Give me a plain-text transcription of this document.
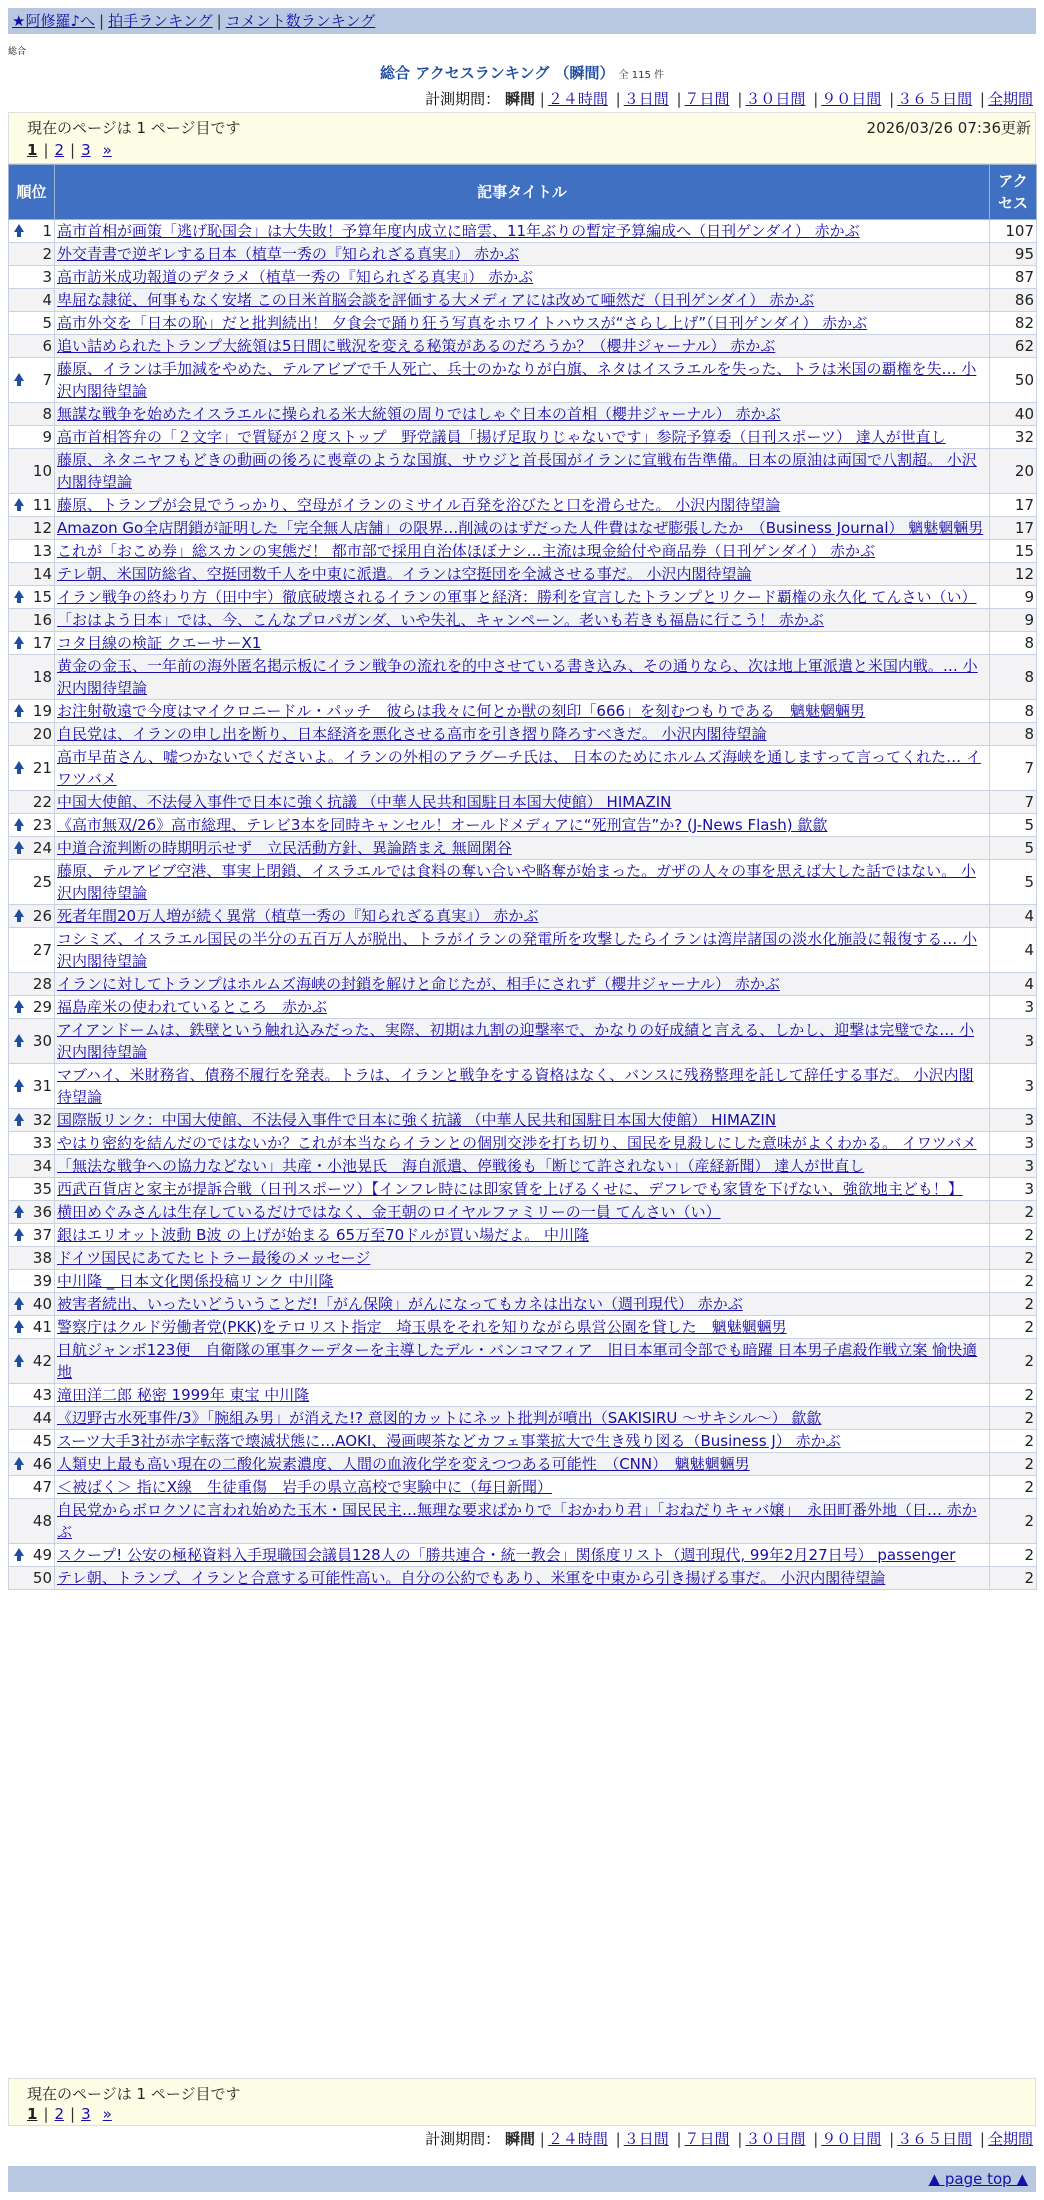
★阿修羅♪へ | 拍手ランキング | コメント数ランキング
総合
総合 アクセスランキング （瞬間） 全 115 件
計測期間： 瞬間 | ２４時間 | ３日間 | ７日間 | ３０日間 | ９０日間 | ３６５日間 | 全期間
現在のページは 1 ページ目です	2026/03/26 07:36更新
1 | 2 | 3 »
順位	記事タイトル	アクセス

1	高市首相が画策「逃げ恥国会」は大失敗！予算年度内成立に暗雲、11年ぶりの暫定予算編成へ（日刊ゲンダイ） 赤かぶ	107
2	外交青書で逆ギレする日本（植草一秀の『知られざる真実』） 赤かぶ	95
3	高市訪米成功報道のデタラメ（植草一秀の『知られざる真実』） 赤かぶ	87
4	卑屈な隷従、何事もなく安堵 この日米首脳会談を評価する大メディアには改めて唖然だ（日刊ゲンダイ） 赤かぶ	86
5	高市外交を「日本の恥」だと批判続出！ 夕食会で踊り狂う写真をホワイトハウスが“さらし上げ”（日刊ゲンダイ） 赤かぶ	82
6	追い詰められたトランプ大統領は5日間に戦況を変える秘策があるのだろうか？（櫻井ジャーナル） 赤かぶ	62

7	藤原、イランは手加減をやめた、テルアビブで千人死亡、兵士のかなりが白旗、ネタはイスラエルを失った、トラは米国の覇権を失… 小沢内閣待望論	50
8	無謀な戦争を始めたイスラエルに操られる米大統領の周りではしゃぐ日本の首相（櫻井ジャーナル） 赤かぶ	40
9	高市首相答弁の「２文字」で質疑が２度ストップ　野党議員「揚げ足取りじゃないです」参院予算委（日刊スポーツ） 達人が世直し	32
10	藤原、ネタニヤフもどきの動画の後ろに喪章のような国旗、サウジと首長国がイランに宣戦布告準備。日本の原油は両国で八割超。 小沢内閣待望論	20

11	藤原、トランプが会見でうっかり、空母がイランのミサイル百発を浴びたと口を滑らせた。 小沢内閣待望論	17
12	Amazon Go全店閉鎖が証明した「完全無人店舗」の限界…削減のはずだった人件費はなぜ膨張したか　（Business Journal） 魑魅魍魎男	17
13	これが「おこめ券」総スカンの実態だ！ 都市部で採用自治体ほぼナシ…主流は現金給付や商品券（日刊ゲンダイ） 赤かぶ	15
14	テレ朝、米国防総省、空挺団数千人を中東に派遣。イランは空挺団を全滅させる事だ。 小沢内閣待望論	12

15	イラン戦争の終わり方（田中宇）徹底破壊されるイランの軍事と経済：勝利を宣言したトランプとリクード覇権の永久化 てんさい（い）	9
16	「おはよう日本」では、今、こんなプロパガンダ、いや失礼、キャンペーン。老いも若きも福島に行こう！ 赤かぶ	9

17	コタ目線の検証 クエーサーX1	8
18	黄金の金玉、一年前の海外匿名掲示板にイラン戦争の流れを的中させている書き込み、その通りなら、次は地上軍派遣と米国内戦。… 小沢内閣待望論	8

19	お注射敬遠で今度はマイクロニードル・パッチ　彼らは我々に何とか獣の刻印「666」を刻むつもりである　魑魅魍魎男	8
20	自民党は、イランの申し出を断り、日本経済を悪化させる高市を引き摺り降ろすべきだ。 小沢内閣待望論	8

21	高市早苗さん、嘘つかないでくださいよ。イランの外相のアラグーチ氏は、 日本のためにホルムズ海峡を通しますって言ってくれた… イワツバメ	7
22	中国大使館、不法侵入事件で日本に強く抗議 （中華人民共和国駐日本国大使館） HIMAZIN	7

23	《高市無双/26》高市総理、テレビ3本を同時キャンセル！オールドメディアに“死刑宣告”か? (J-News Flash) 歙歙	5

24	中道合流判断の時期明示せず　立民活動方針、異論踏まえ 無岡閑谷	5
25	藤原、テルアビブ空港、事実上閉鎖、イスラエルでは食料の奪い合いや略奪が始まった。ガザの人々の事を思えば大した話ではない。 小沢内閣待望論	5

26	死者年間20万人増が続く異常（植草一秀の『知られざる真実』） 赤かぶ	4
27	コシミズ、イスラエル国民の半分の五百万人が脱出、トラがイランの発電所を攻撃したらイランは湾岸諸国の淡水化施設に報復する… 小沢内閣待望論	4
28	イランに対してトランプはホルムズ海峡の封鎖を解けと命じたが、相手にされず（櫻井ジャーナル） 赤かぶ	4

29	福島産米の使われているところ　赤かぶ	3

30	アイアンドームは、鉄壁という触れ込みだった、実際、初期は九割の迎撃率で、かなりの好成績と言える、しかし、迎撃は完璧でな… 小沢内閣待望論	3

31	マブハイ、米財務省、債務不履行を発表。トラは、イランと戦争をする資格はなく、バンスに残務整理を託して辞任する事だ。 小沢内閣待望論	3

32	国際版リンク：中国大使館、不法侵入事件で日本に強く抗議 （中華人民共和国駐日本国大使館） HIMAZIN	3
33	やはり密約を結んだのではないか？これが本当ならイランとの個別交渉を打ち切り、国民を見殺しにした意味がよくわかる。 イワツバメ	3
34	「無法な戦争への協力などない」共産・小池晃氏　海自派遣、停戦後も「断じて許されない」（産経新聞） 達人が世直し	3
35	西武百貨店と家主が提訴合戦（日刊スポーツ）【インフレ時には即家賃を上げるくせに、デフレでも家賃を下げない、強欲地主ども！】	3

36	横田めぐみさんは生存しているだけではなく、金王朝のロイヤルファミリーの一員 てんさい（い）	2

37	銀はエリオット波動 B波 の上げが始まる 65万至70ドルが買い場だよ。 中川隆	2
38	ドイツ国民にあてたヒトラー最後のメッセージ	2
39	中川隆 _ 日本文化関係投稿リンク 中川隆	2

40	被害者続出、いったいどういうことだ!「がん保険」がんになってもカネは出ない（週刊現代） 赤かぶ	2

41	警察庁はクルド労働者党(PKK)をテロリスト指定　埼玉県をそれを知りながら県営公園を貸した　魑魅魍魎男	2

42	日航ジャンボ123便　自衛隊の軍事クーデターを主導したデル・バンコマフィア　旧日本軍司令部でも暗躍 日本男子虐殺作戦立案 愉快適地	2
43	滝田洋二郎 秘密 1999年 東宝 中川隆	2
44	《辺野古水死事件/3》「腕組み男」が消えた!? 意図的カットにネット批判が噴出（SAKISIRU ～サキシル～） 歙歙	2
45	スーツ大手3社が赤字転落で壊滅状態に…AOKI、漫画喫茶などカフェ事業拡大で生き残り図る（Business J） 赤かぶ	2

46	人類史上最も高い現在の二酸化炭素濃度、人間の血液化学を変えつつある可能性　（CNN）　魑魅魍魎男	2
47	＜被ばく＞ 指にX線　生徒重傷　岩手の県立高校で実験中に（毎日新聞）	2
48	自民党からボロクソに言われ始めた玉木・国民民主…無理な要求ばかりで「おかわり君」「おねだりキャバ嬢」　永田町番外地（日… 赤かぶ	2

49	スクープ! 公安の極秘資料入手現職国会議員128人の「勝共連合・統一教会」関係度リスト（週刊現代, 99年2月27日号） passenger	2
50	テレ朝、トランプ、イランと合意する可能性高い。自分の公約でもあり、米軍を中東から引き揚げる事だ。 小沢内閣待望論	2
現在のページは 1 ページ目です
1 | 2 | 3 »
計測期間： 瞬間 | ２４時間 | ３日間 | ７日間 | ３０日間 | ９０日間 | ３６５日間 | 全期間
▲ page top ▲
